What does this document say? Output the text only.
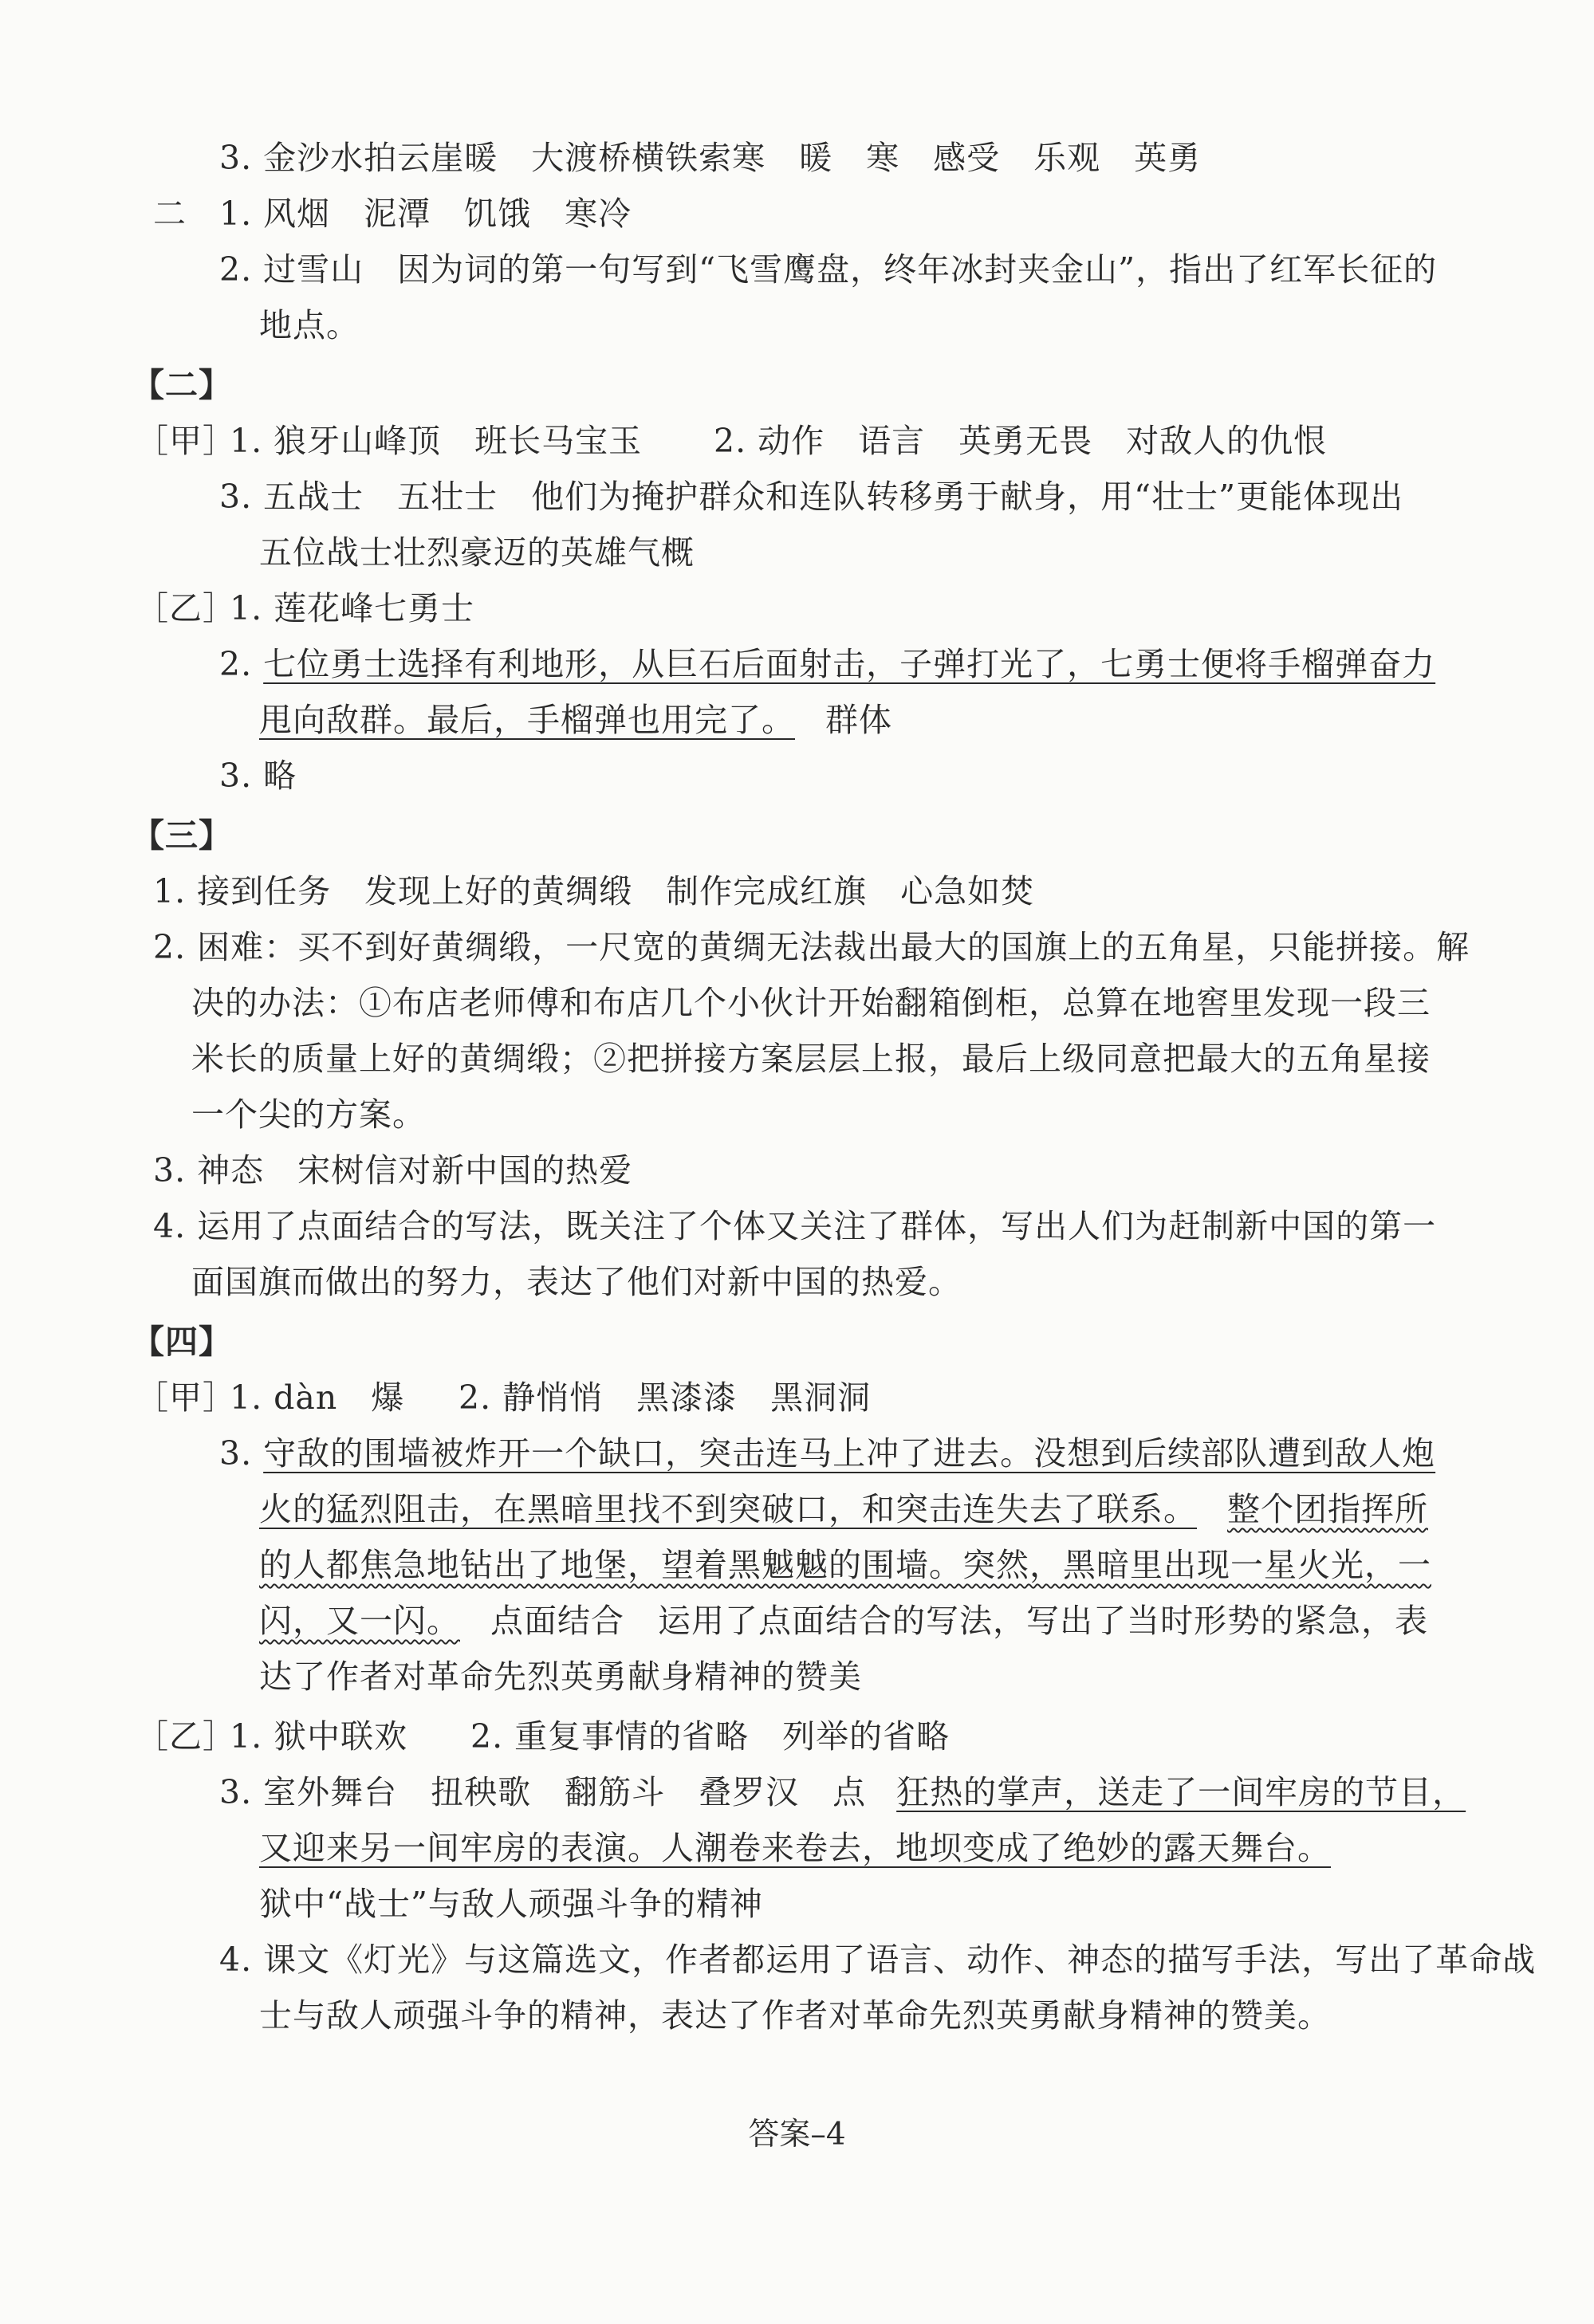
3. 金沙水拍云崖暖　大渡桥横铁索寒　暖　寒　感受　乐观　英勇
二 1. 风烟　泥潭　饥饿　寒冷
2. 过雪山　因为词的第一句写到“飞雪鹰盘，终年冰封夹金山”，指出了红军长征的
地点。
【二】
［甲］
1. 狼牙山峰顶　班长马宝玉 2. 动作　语言　英勇无畏　对敌人的仇恨
3. 五战士　五壮士　他们为掩护群众和连队转移勇于献身，用“壮士”更能体现出
五位战士壮烈豪迈的英雄气概
［乙］
1. 莲花峰七勇士
2. 七位勇士选择有利地形，从巨石后面射击，子弹打光了，七勇士便将手榴弹奋力
甩向敌群。最后，手榴弹也用完了。 群体
3. 略
【三】
1. 接到任务　发现上好的黄绸缎　制作完成红旗　心急如焚
2. 困难：买不到好黄绸缎，一尺宽的黄绸无法裁出最大的国旗上的五角星，只能拼接。解
决的办法：①布店老师傅和布店几个小伙计开始翻箱倒柜，总算在地窖里发现一段三
米长的质量上好的黄绸缎；②把拼接方案层层上报，最后上级同意把最大的五角星接
一个尖的方案。
3. 神态　宋树信对新中国的热爱
4. 运用了点面结合的写法，既关注了个体又关注了群体，写出人们为赶制新中国的第一
面国旗而做出的努力，表达了他们对新中国的热爱。
【四】
［甲］
1. dàn　爆 2. 静悄悄　黑漆漆　黑洞洞
3. 守敌的围墙被炸开一个缺口，突击连马上冲了进去。没想到后续部队遭到敌人炮
火的猛烈阻击，在黑暗里找不到突破口，和突击连失去了联系。 整个团指挥所
的人都焦急地钻出了地堡，望着黑魆魆的围墙。突然，黑暗里出现一星火光，一
闪，又一闪。 点面结合　运用了点面结合的写法，写出了当时形势的紧急，表
达了作者对革命先烈英勇献身精神的赞美
［乙］
1. 狱中联欢 2. 重复事情的省略　列举的省略
3. 室外舞台　扭秧歌　翻筋斗　叠罗汉　点 狂热的掌声，送走了一间牢房的节目，
又迎来另一间牢房的表演。人潮卷来卷去，地坝变成了绝妙的露天舞台。
狱中“战士”与敌人顽强斗争的精神
4. 课文《灯光》与这篇选文，作者都运用了语言、动作、神态的描写手法，写出了革命战
士与敌人顽强斗争的精神，表达了作者对革命先烈英勇献身精神的赞美。
答案–4
